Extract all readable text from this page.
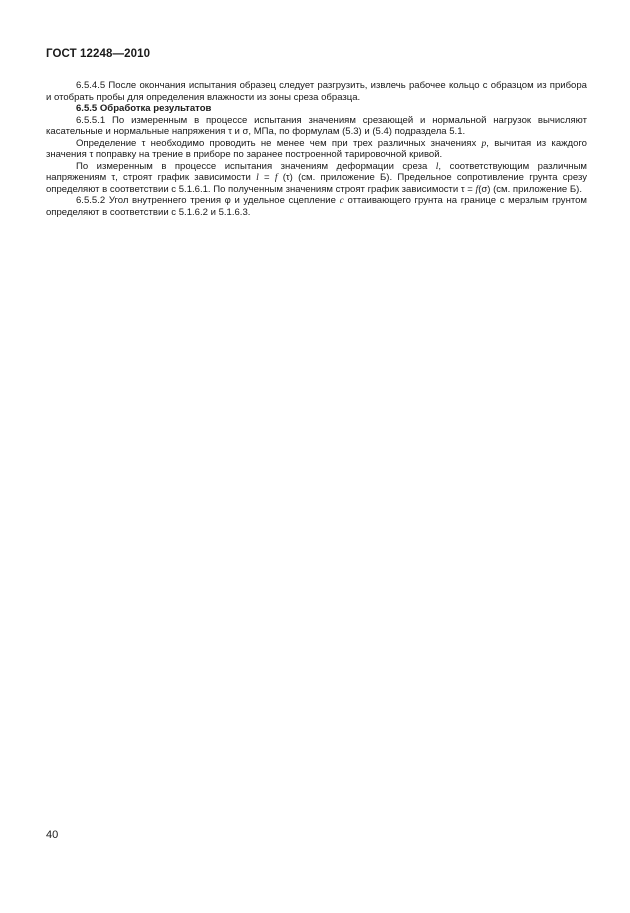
ГОСТ 12248—2010

6.5.4.5 После окончания испытания образец следует разгрузить, извлечь рабочее кольцо с образцом из прибора и отобрать пробы для определения влажности из зоны среза образца.

6.5.5 Обработка результатов

6.5.5.1 По измеренным в процессе испытания значениям срезающей и нормальной нагрузок вычисляют касательные и нормальные напряжения τ и σ, МПа, по формулам (5.3) и (5.4) подраздела 5.1.

Определение τ необходимо проводить не менее чем при трех различных значениях p, вычитая из каждого значения τ поправку на трение в приборе по заранее построенной тарировочной кривой.

По измеренным в процессе испытания значениям деформации среза l, соответствующим различным напряжениям τ, строят график зависимости l = f (τ) (см. приложение Б). Предельное сопротивление грунта срезу определяют в соответствии с 5.1.6.1. По полученным значениям строят график зависимости τ = f(σ) (см. приложение Б).

6.5.5.2 Угол внутреннего трения φ и удельное сцепление c оттаивающего грунта на границе с мерзлым грунтом определяют в соответствии с 5.1.6.2 и 5.1.6.3.

40
